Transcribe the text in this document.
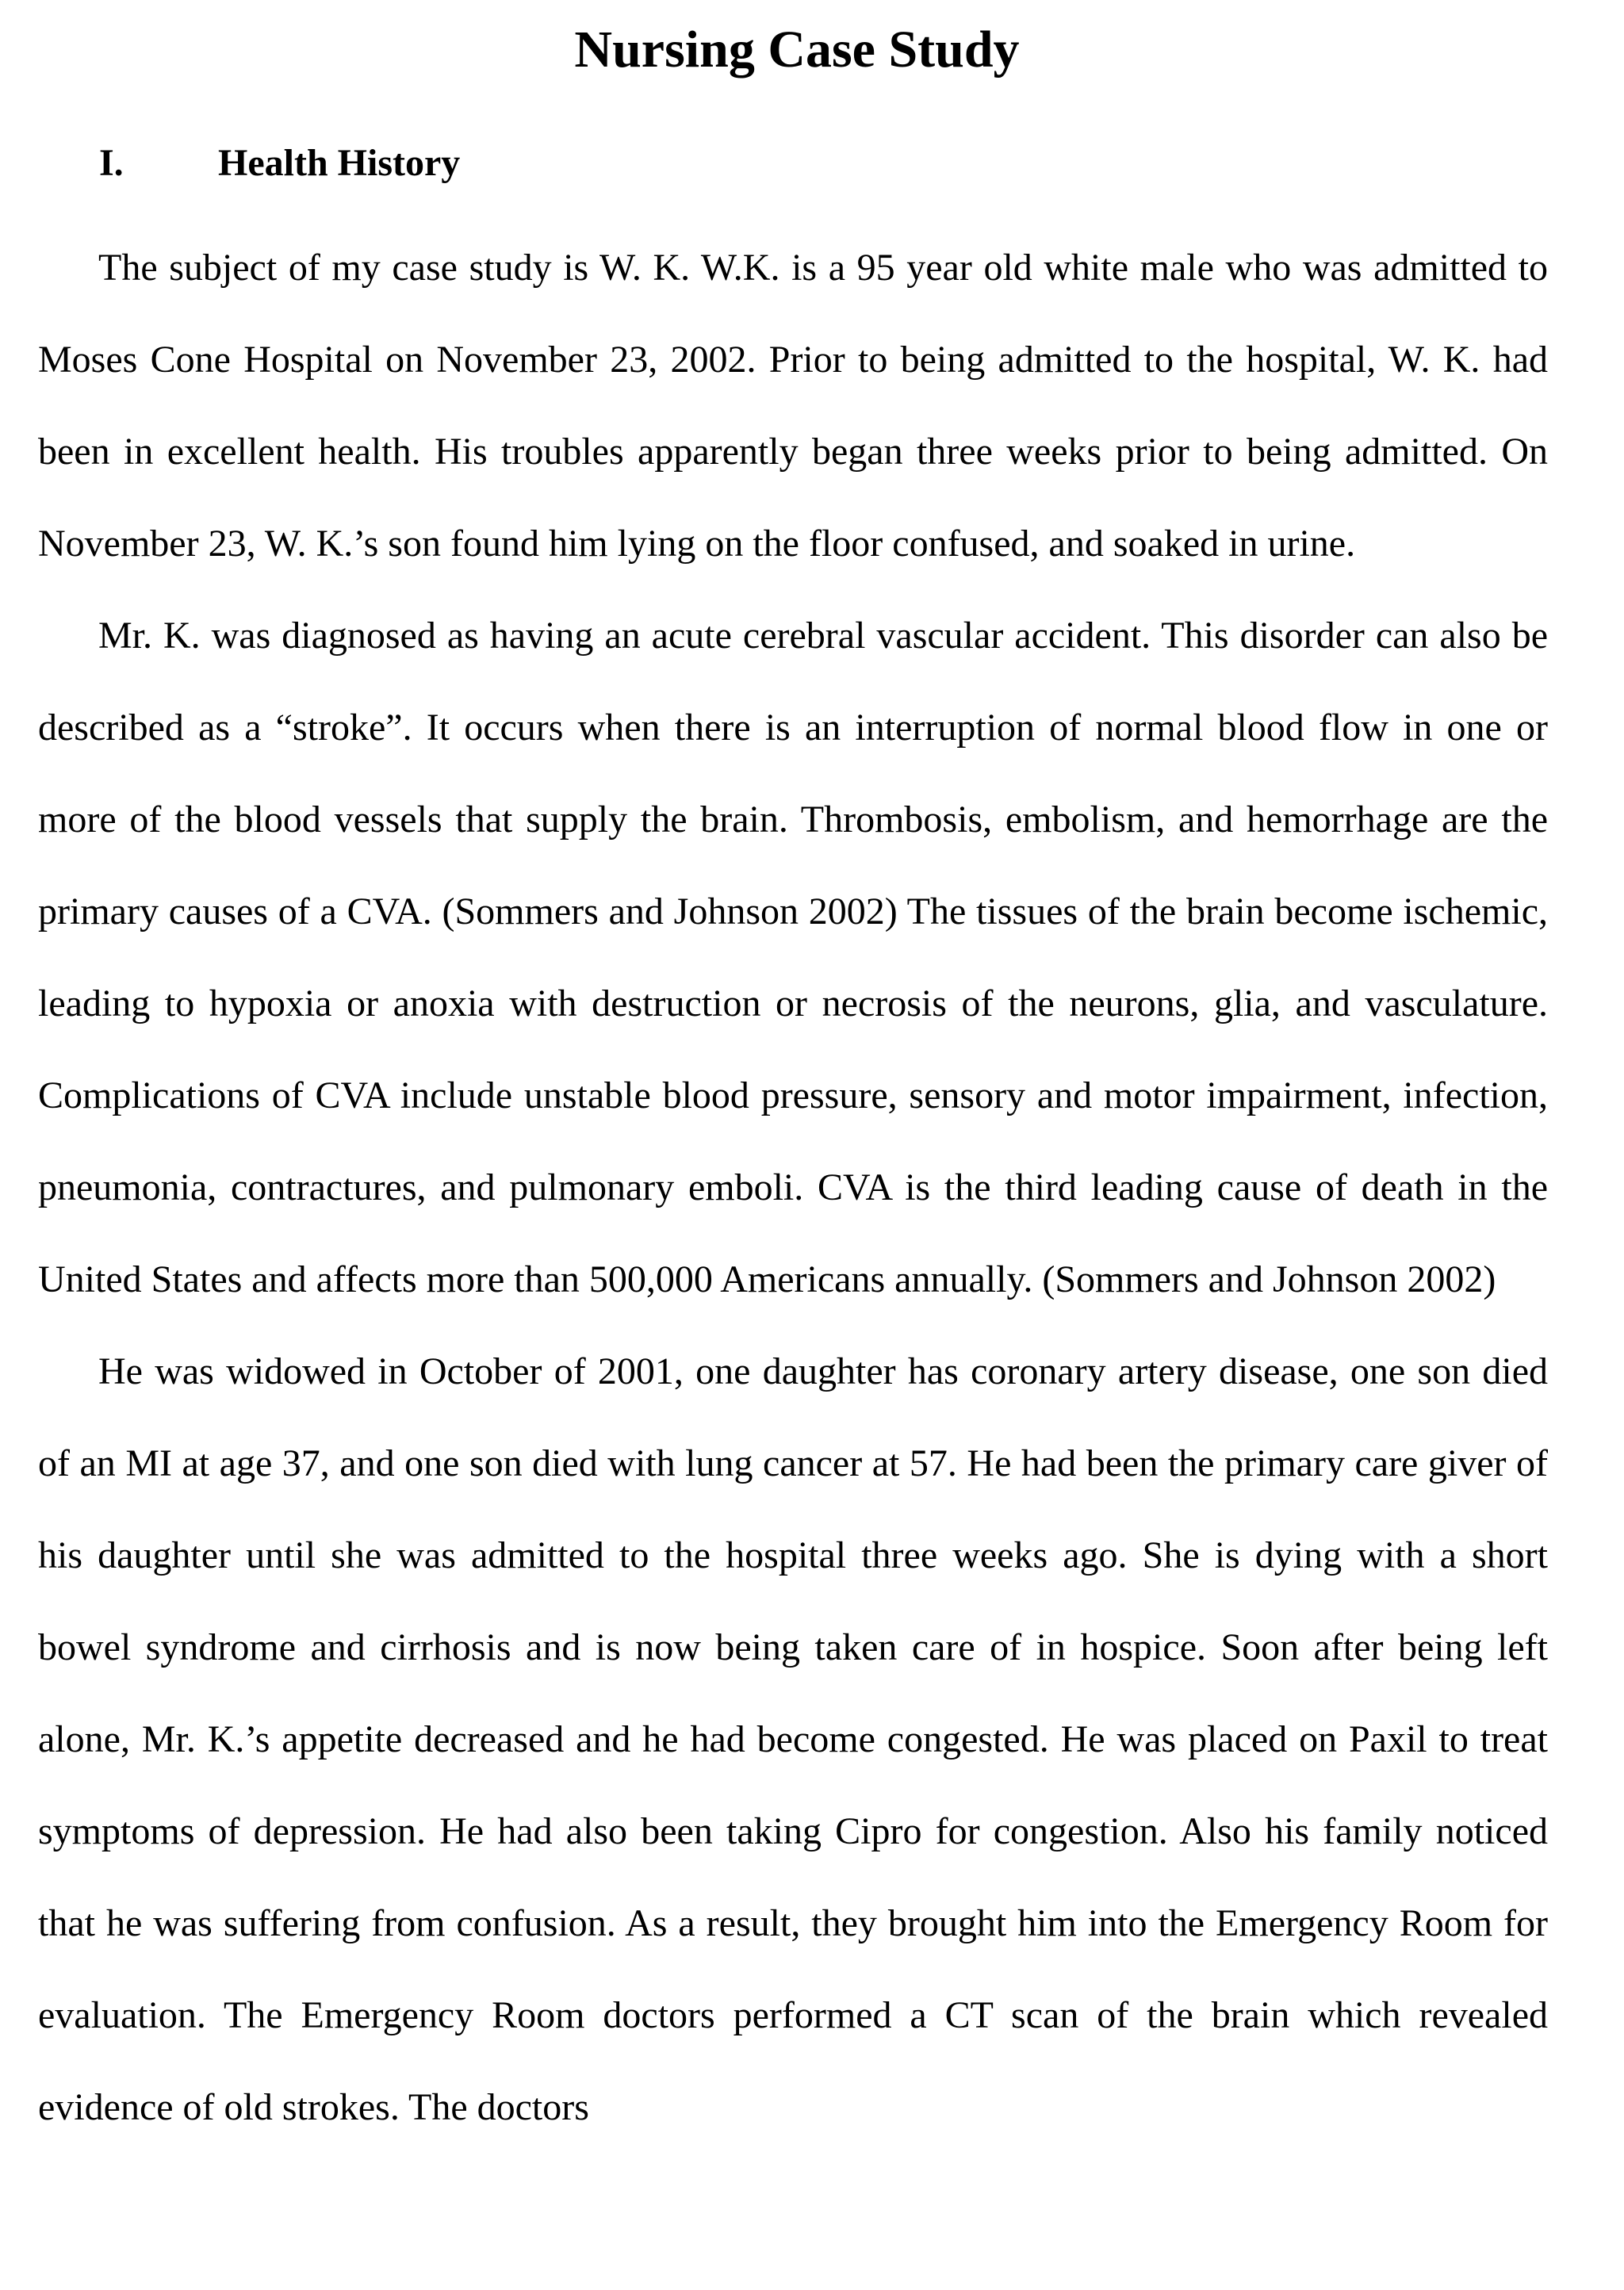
Nursing Case Study
I. Health History

The subject of my case study is W. K. W.K. is a 95 year old white male who was admitted to Moses Cone Hospital on November 23, 2002. Prior to being admitted to the hospital, W. K. had been in excellent health. His troubles apparently began three weeks prior to being admitted. On November 23, W. K.’s son found him lying on the floor confused, and soaked in urine.

Mr. K. was diagnosed as having an acute cerebral vascular accident. This disorder can also be described as a “stroke”. It occurs when there is an interruption of normal blood flow in one or more of the blood vessels that supply the brain. Thrombosis, embolism, and hemorrhage are the primary causes of a CVA. (Sommers and Johnson 2002) The tissues of the brain become ischemic, leading to hypoxia or anoxia with destruction or necrosis of the neurons, glia, and vasculature. Complications of CVA include unstable blood pressure, sensory and motor impairment, infection, pneumonia, contractures, and pulmonary emboli. CVA is the third leading cause of death in the United States and affects more than 500,000 Americans annually. (Sommers and Johnson 2002)

He was widowed in October of 2001, one daughter has coronary artery disease, one son died of an MI at age 37, and one son died with lung cancer at 57. He had been the primary care giver of his daughter until she was admitted to the hospital three weeks ago. She is dying with a short bowel syndrome and cirrhosis and is now being taken care of in hospice. Soon after being left alone, Mr. K.’s appetite decreased and he had become congested. He was placed on Paxil to treat symptoms of depression. He had also been taking Cipro for congestion. Also his family noticed that he was suffering from confusion. As a result, they brought him into the Emergency Room for evaluation. The Emergency Room doctors performed a CT scan of the brain which revealed evidence of old strokes. The doctors
